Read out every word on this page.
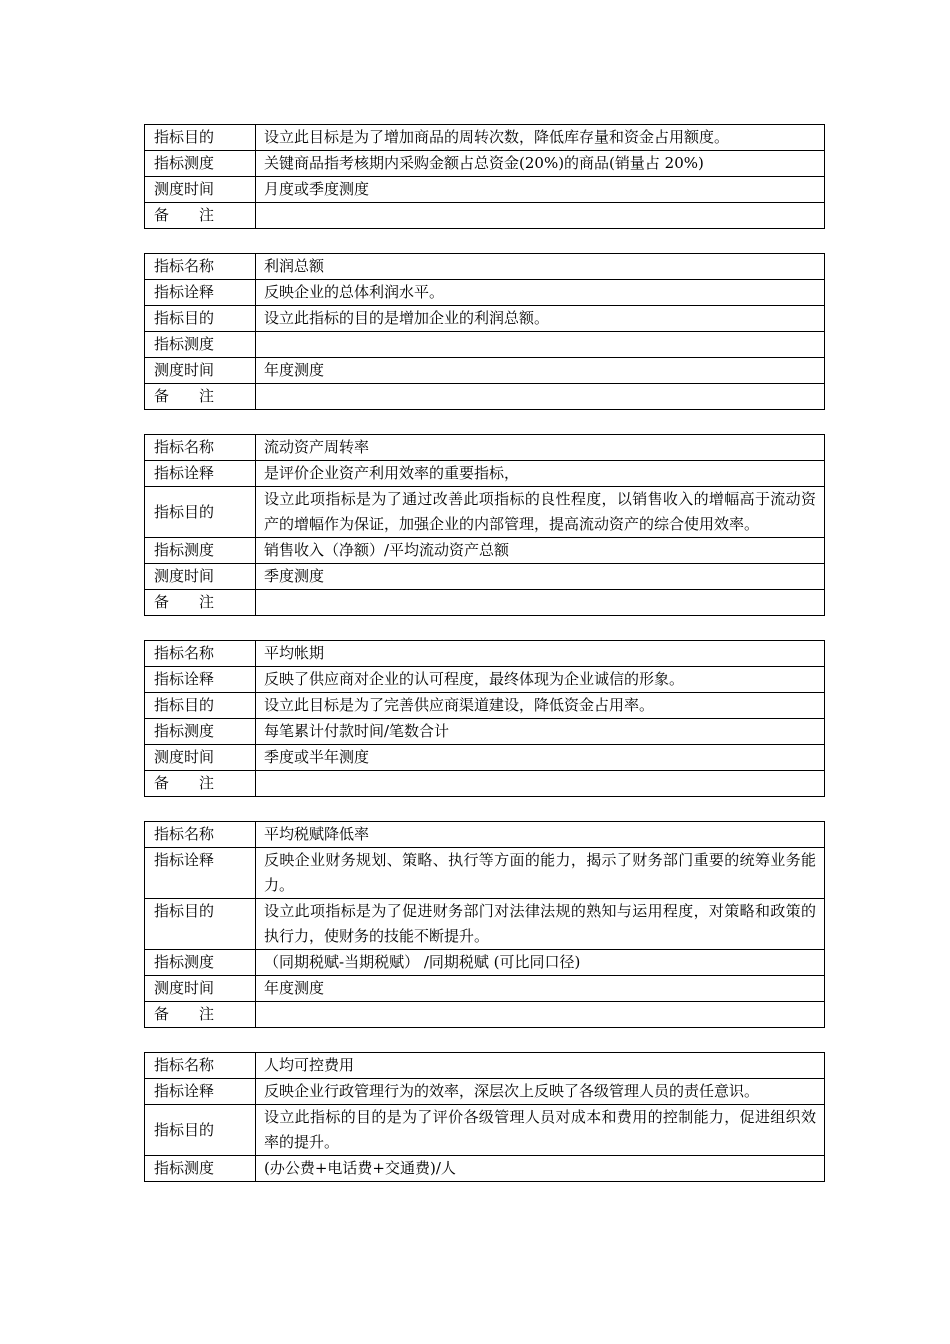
指标目的	设立此目标是为了增加商品的周转次数，降低库存量和资金占用额度。
指标测度	关键商品指考核期内采购金额占总资金(20%)的商品(销量占 20%)
测度时间	月度或季度测度
备　　注	
指标名称	利润总额
指标诠释	反映企业的总体利润水平。
指标目的	设立此指标的目的是增加企业的利润总额。
指标测度	
测度时间	年度测度
备　　注	
指标名称	流动资产周转率
指标诠释	是评价企业资产利用效率的重要指标，
指标目的	设立此项指标是为了通过改善此项指标的良性程度，以销售收入的增幅高于流动资产的增幅作为保证，加强企业的内部管理，提高流动资产的综合使用效率。
指标测度	销售收入（净额）/平均流动资产总额
测度时间	季度测度
备　　注	
指标名称	平均帐期
指标诠释	反映了供应商对企业的认可程度，最终体现为企业诚信的形象。
指标目的	设立此目标是为了完善供应商渠道建设，降低资金占用率。
指标测度	每笔累计付款时间/笔数合计
测度时间	季度或半年测度
备　　注	
指标名称	平均税赋降低率
指标诠释	反映企业财务规划、策略、执行等方面的能力，揭示了财务部门重要的统筹业务能力。
指标目的	设立此项指标是为了促进财务部门对法律法规的熟知与运用程度，对策略和政策的执行力，使财务的技能不断提升。
指标测度	（同期税赋-当期税赋） /同期税赋 (可比同口径)
测度时间	年度测度
备　　注	
指标名称	人均可控费用
指标诠释	反映企业行政管理行为的效率，深层次上反映了各级管理人员的责任意识。
指标目的	设立此指标的目的是为了评价各级管理人员对成本和费用的控制能力，促进组织效率的提升。
指标测度	(办公费+电话费+交通费)/人
